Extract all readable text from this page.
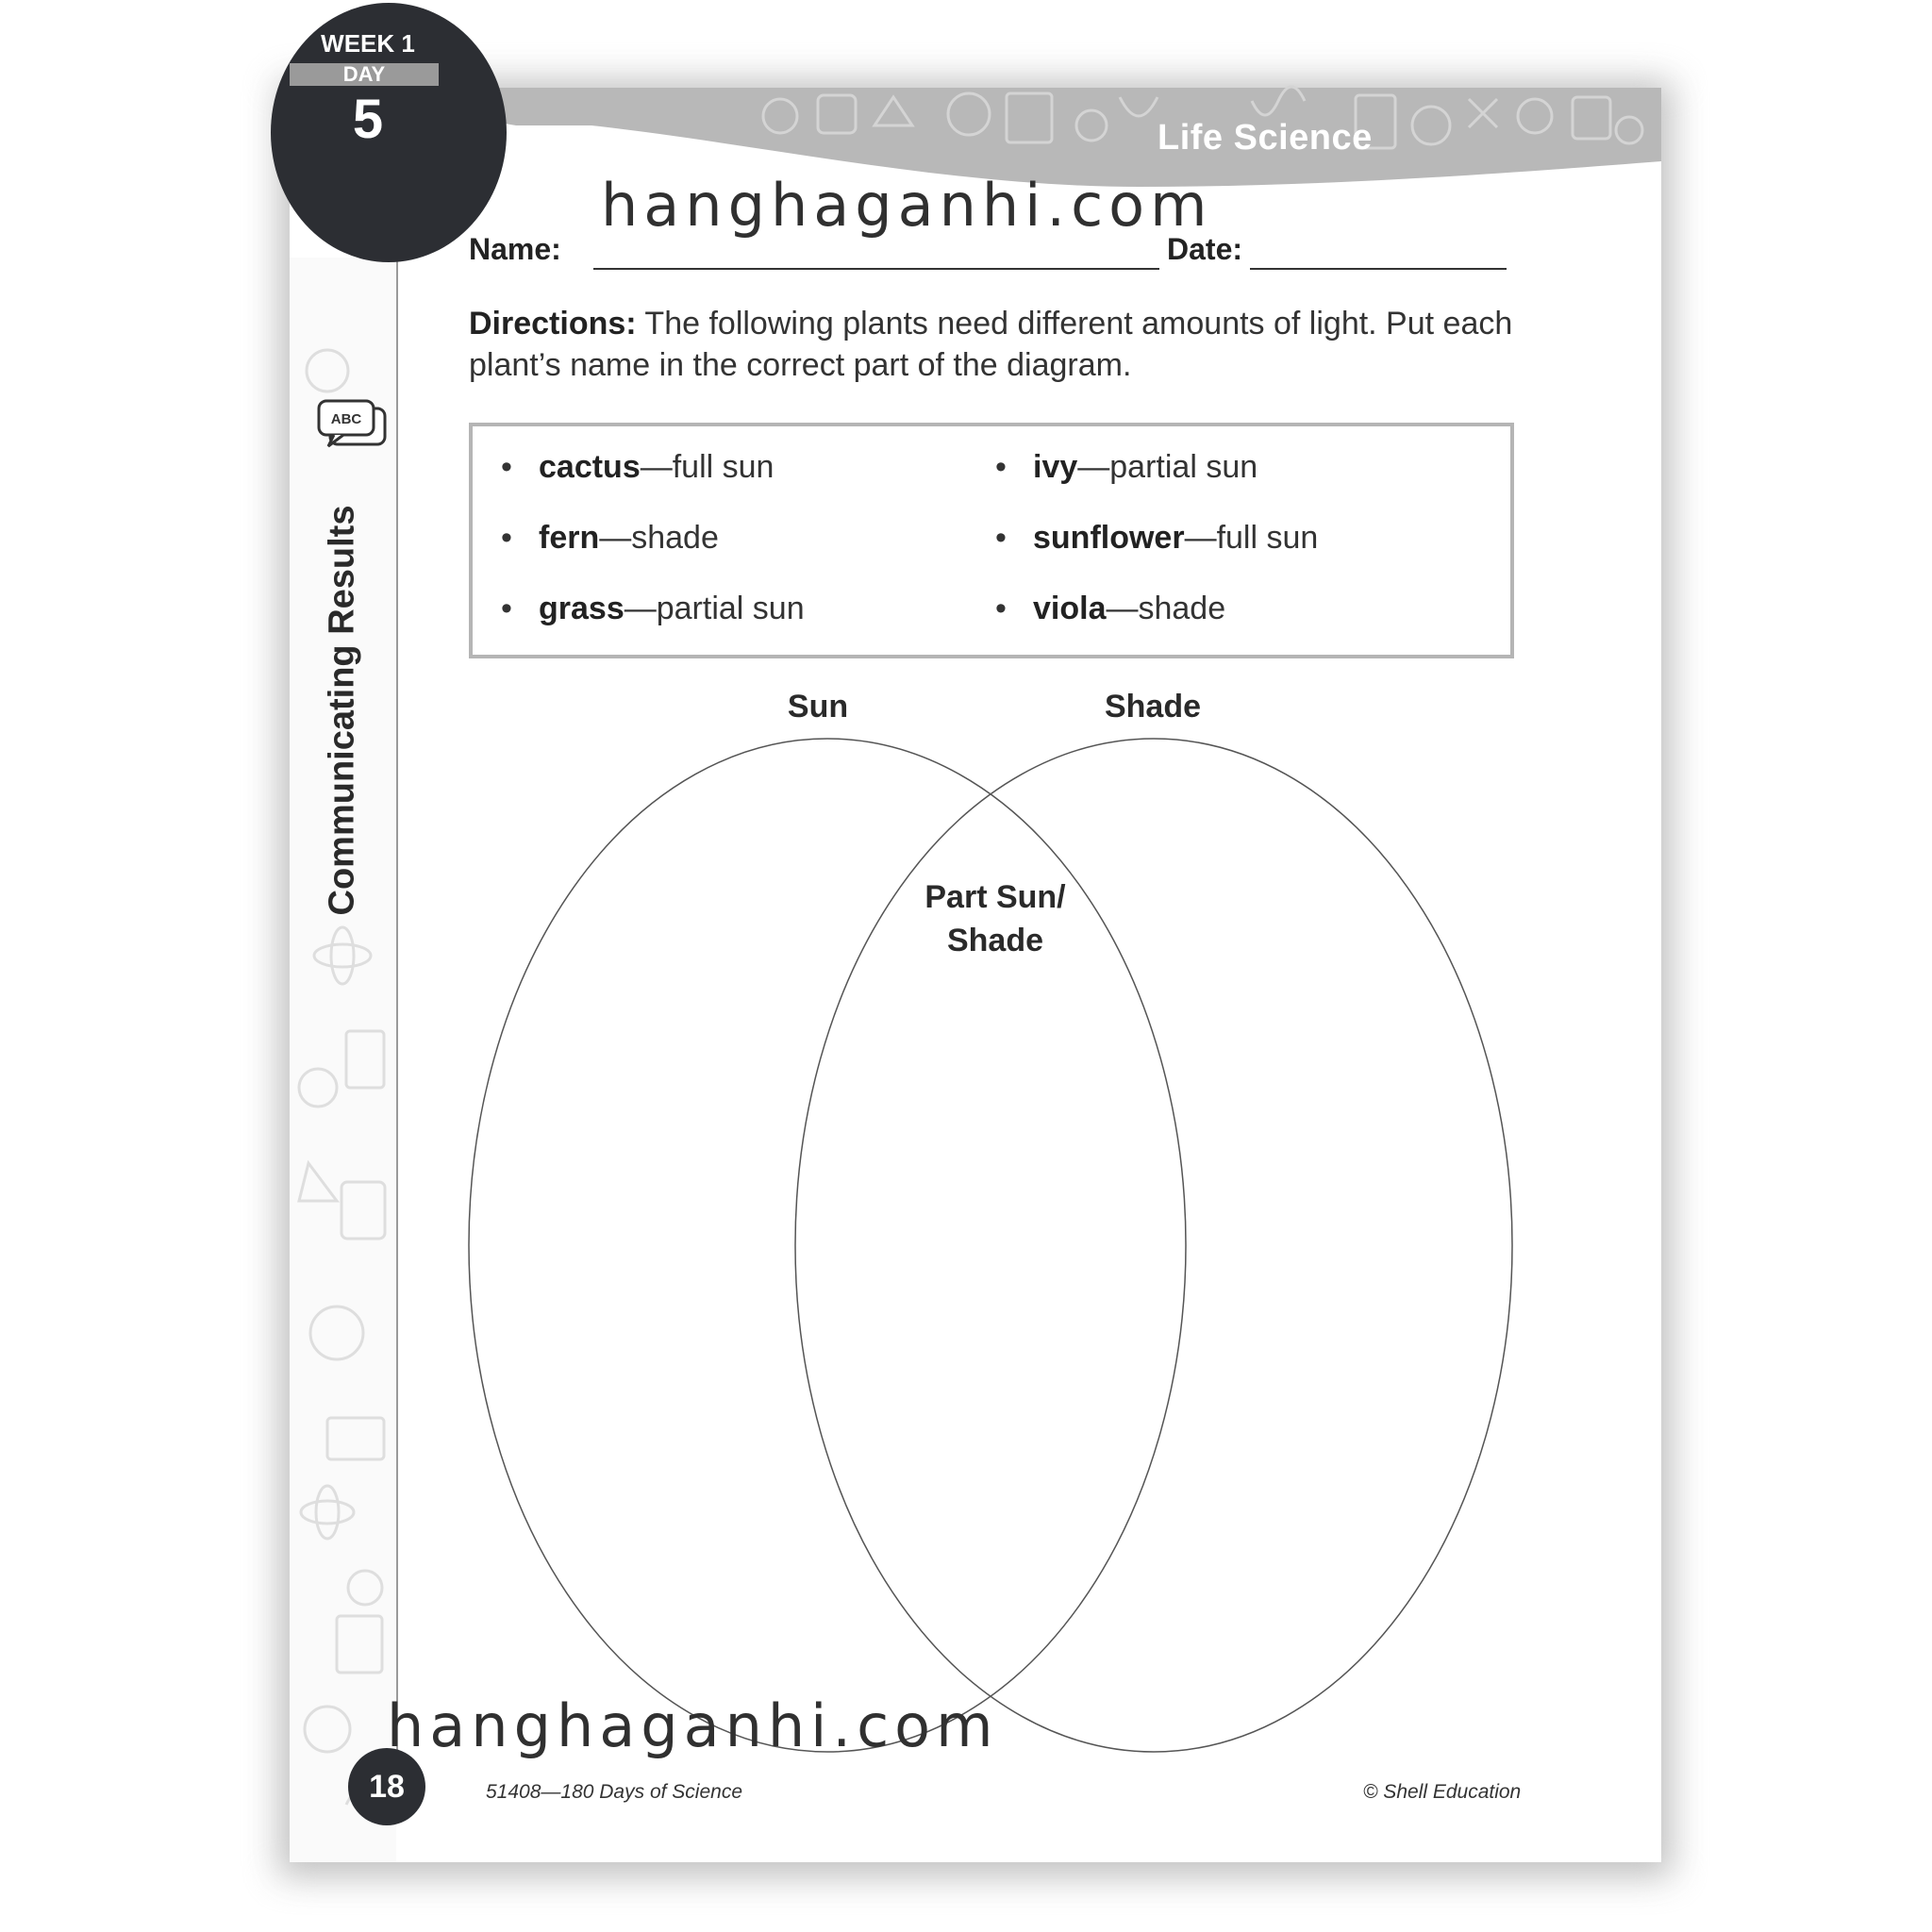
Life Science
WEEK 1
DAY
5
ABC
Communicating Results
hanghaganhi.com
Name:	Date:
Directions: The following plants need different amounts of light. Put each plant’s name in the correct part of the diagram.
• cactus—full sun	• ivy—partial sun
• fern—shade	• sunflower—full sun
• grass—partial sun	• viola—shade
Sun	Shade
Part Sun/
Shade
18	51408—180 Days of Science	© Shell Education
hanghaganhi.com
